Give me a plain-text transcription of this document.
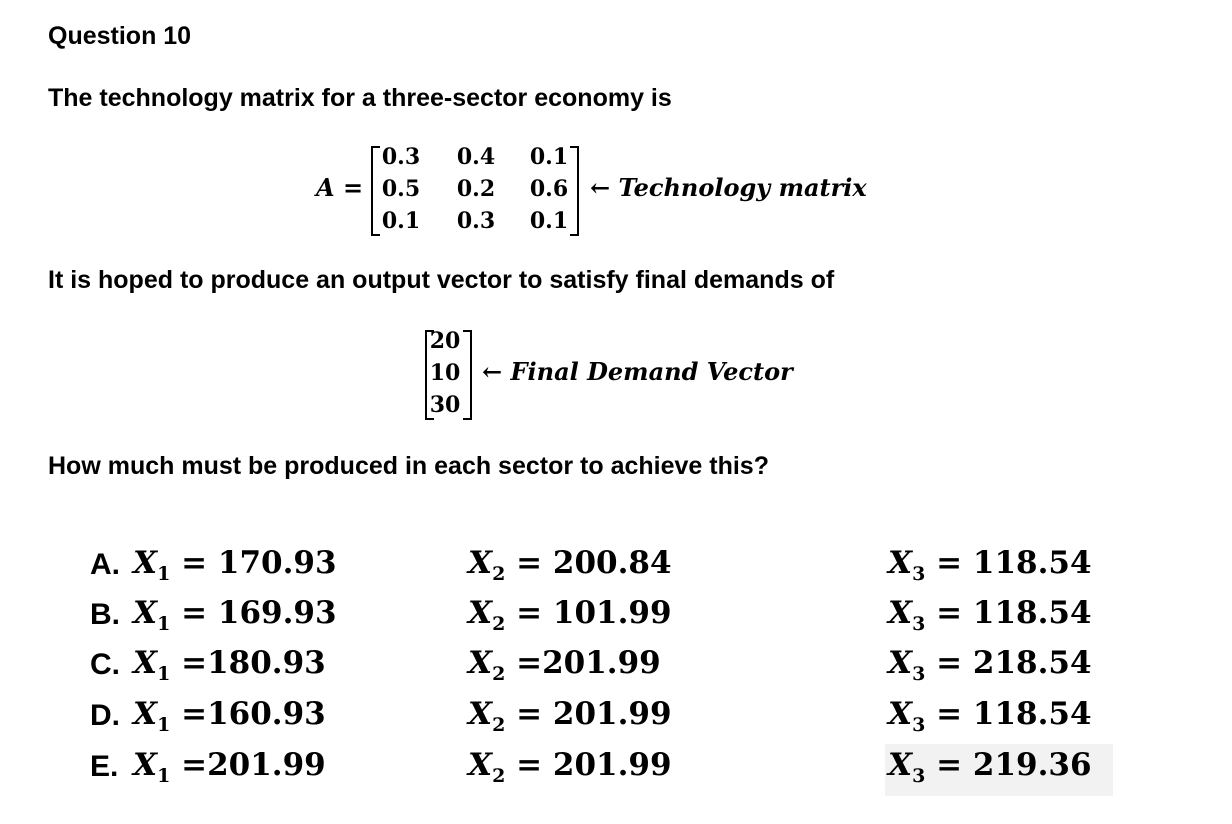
Question 10
The technology matrix for a three-sector economy is
A =
0.3	0.4	0.1
0.5	0.2	0.6
0.1	0.3	0.1
← Technology matrix
It is hoped to produce an output vector to satisfy final demands of
20
10
30
← Final Demand Vector
How much must be produced in each sector to achieve this?
A. $X_1 = 170.93$	$X_2 = 200.84$	$X_3 = 118.54$
B. $X_1 = 169.93$	$X_2 = 101.99$	$X_3 = 118.54$
C. $X_1 =180.93$	$X_2 =201.99$	$X_3 = 218.54$
D. $X_1 =160.93$	$X_2 = 201.99$	$X_3 = 118.54$
E. $X_1 =201.99$	$X_2 = 201.99$	$X_3 = 219.36$
